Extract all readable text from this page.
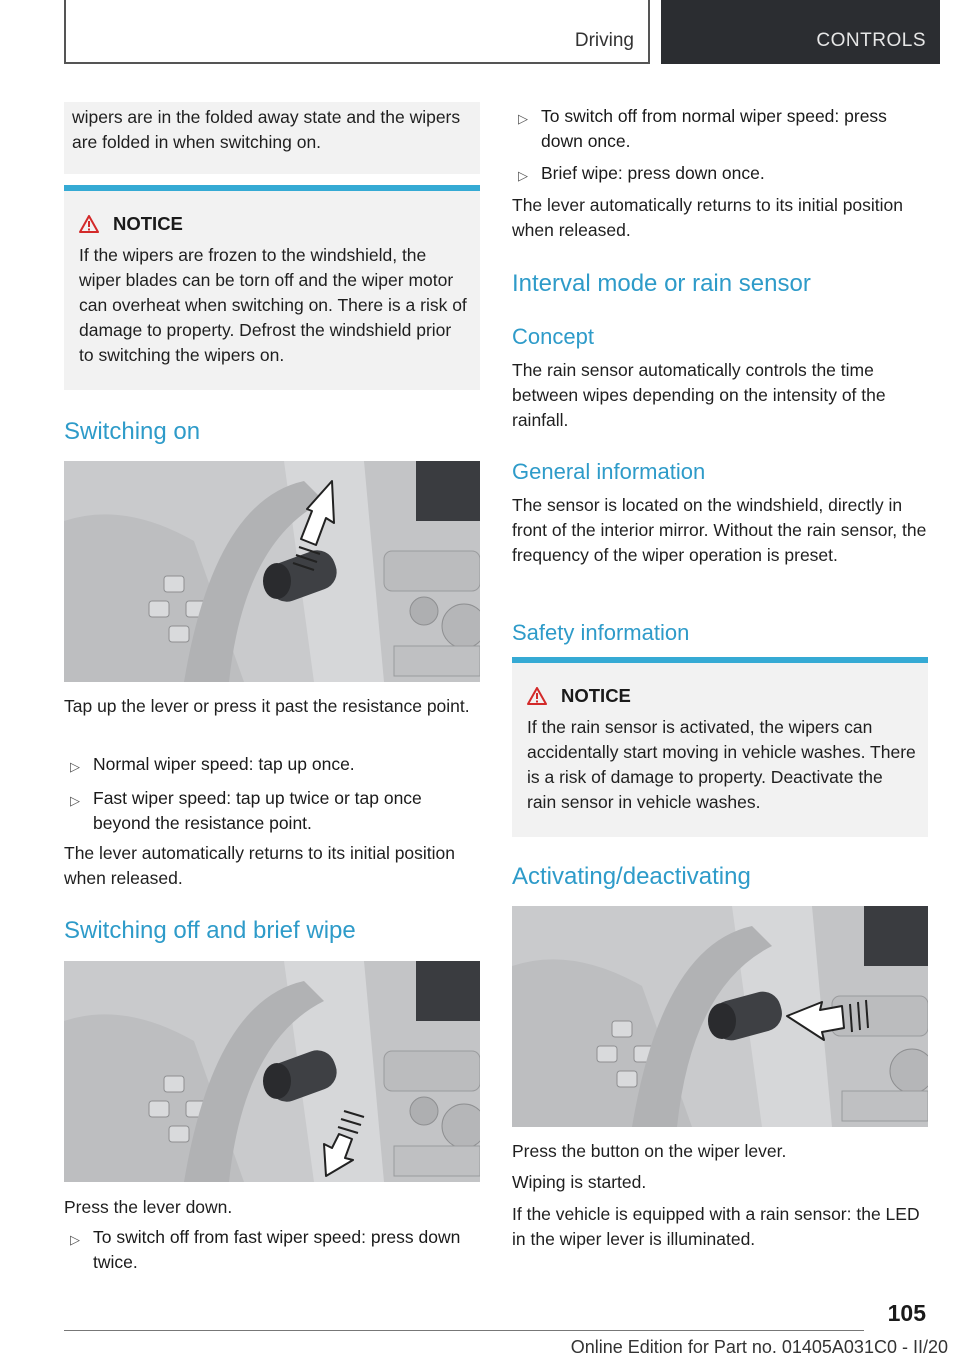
Driving	CONTROLS

wipers are in the folded away state and the wipers are folded in when switching on.

NOTICE

If the wipers are frozen to the windshield, the wiper blades can be torn off and the wiper motor can overheat when switching on. There is a risk of damage to property. Defrost the windshield prior to switching the wipers on.

Switching on

Tap up the lever or press it past the resistance point.

▷ Normal wiper speed: tap up once.
▷ Fast wiper speed: tap up twice or tap once beyond the resistance point.

The lever automatically returns to its initial position when released.

Switching off and brief wipe

Press the lever down.

▷ To switch off from fast wiper speed: press down twice.
▷ To switch off from normal wiper speed: press down once.
▷ Brief wipe: press down once.

The lever automatically returns to its initial position when released.

Interval mode or rain sensor
Concept

The rain sensor automatically controls the time between wipes depending on the intensity of the rainfall.

General information

The sensor is located on the windshield, directly in front of the interior mirror. Without the rain sensor, the frequency of the wiper operation is preset.

Safety information
NOTICE

If the rain sensor is activated, the wipers can accidentally start moving in vehicle washes. There is a risk of damage to property. Deactivate the rain sensor in vehicle washes.

Activating/deactivating

Press the button on the wiper lever.

Wiping is started.

If the vehicle is equipped with a rain sensor: the LED in the wiper lever is illuminated.

105
Online Edition for Part no. 01405A031C0 - II/20
